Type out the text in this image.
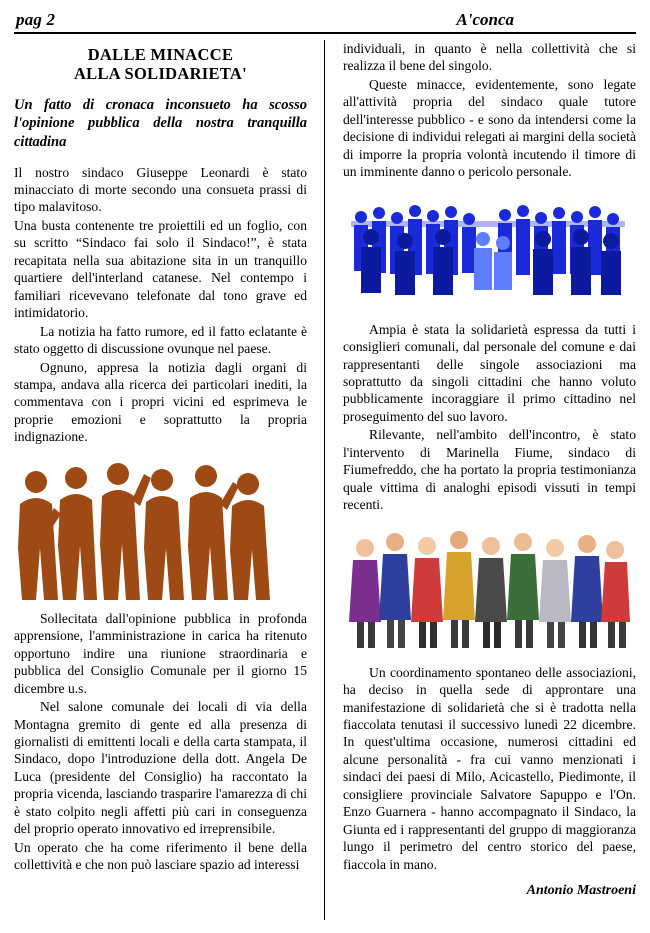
pag 2	A'conca
DALLE MINACCE
ALLA SOLIDARIETA'

Un fatto di cronaca inconsueto ha scosso l'opinione pubblica della nostra tranquilla cittadina

Il nostro sindaco Giuseppe Leonardi è stato minacciato di morte secondo una consueta prassi di tipo malavitoso.

Una busta contenente tre proiettili ed un foglio, con su scritto “Sindaco fai solo il Sindaco!”, è stata recapitata nella sua abitazione sita in un tranquillo quartiere dell'interland catanese. Nel contempo i familiari ricevevano telefonate dal tono grave ed intimidatorio.

La notizia ha fatto rumore, ed il fatto eclatante è stato oggetto di discussione ovunque nel paese.

Ognuno, appresa la notizia dagli organi di stampa, andava alla ricerca dei particolari inediti, la commentava con i propri vicini ed esprimeva le proprie emozioni e soprattutto la propria indignazione.

Sollecitata dall'opinione pubblica in profonda apprensione, l'amministrazione in carica ha ritenuto opportuno indire una riunione straordinaria e pubblica del Consiglio Comunale per il giorno 15 dicembre u.s.

Nel salone comunale dei locali di via della Montagna gremito di gente ed alla presenza di giornalisti di emittenti locali e della carta stampata, il Sindaco, dopo l'introduzione della dott. Angela De Luca (presidente del Consiglio) ha raccontato la propria vicenda, lasciando trasparire l'amarezza di chi è stato colpito negli affetti più cari in conseguenza del proprio operato innovativo ed irreprensibile.

Un operato che ha come riferimento il bene della collettività e che non può lasciare spazio ad interessi

individuali, in quanto è nella collettività che si realizza il bene del singolo.

Queste minacce, evidentemente, sono legate all'attività propria del sindaco quale tutore dell'interesse pubblico - e sono da intendersi come la decisione di individui relegati ai margini della società di imporre la propria volontà incutendo il timore di un imminente danno o pericolo personale.

Ampia è stata la solidarietà espressa da tutti i consiglieri comunali, dal personale del comune e dai rappresentanti delle singole associazioni ma soprattutto da singoli cittadini che hanno voluto pubblicamente incoraggiare il primo cittadino nel proseguimento del suo lavoro.

Rilevante, nell'ambito dell'incontro, è stato l'intervento di Marinella Fiume, sindaco di Fiumefreddo, che ha portato la propria testimonianza quale vittima di analoghi episodi vissuti in tempi recenti.

Un coordinamento spontaneo delle associazioni, ha deciso in quella sede di approntare una manifestazione di solidarietà che si è tradotta nella fiaccolata tenutasi il successivo lunedì 22 dicembre. In quest'ultima occasione, numerosi cittadini ed alcune personalità - fra cui vanno menzionati i sindaci dei paesi di Milo, Acicastello, Piedimonte, il consigliere provinciale Salvatore Sapuppo e l'On. Enzo Guarnera - hanno accompagnato il Sindaco, la Giunta ed i rappresentanti del gruppo di maggioranza lungo il perimetro del centro storico del paese, fiaccola in mano.

Antonio Mastroeni
